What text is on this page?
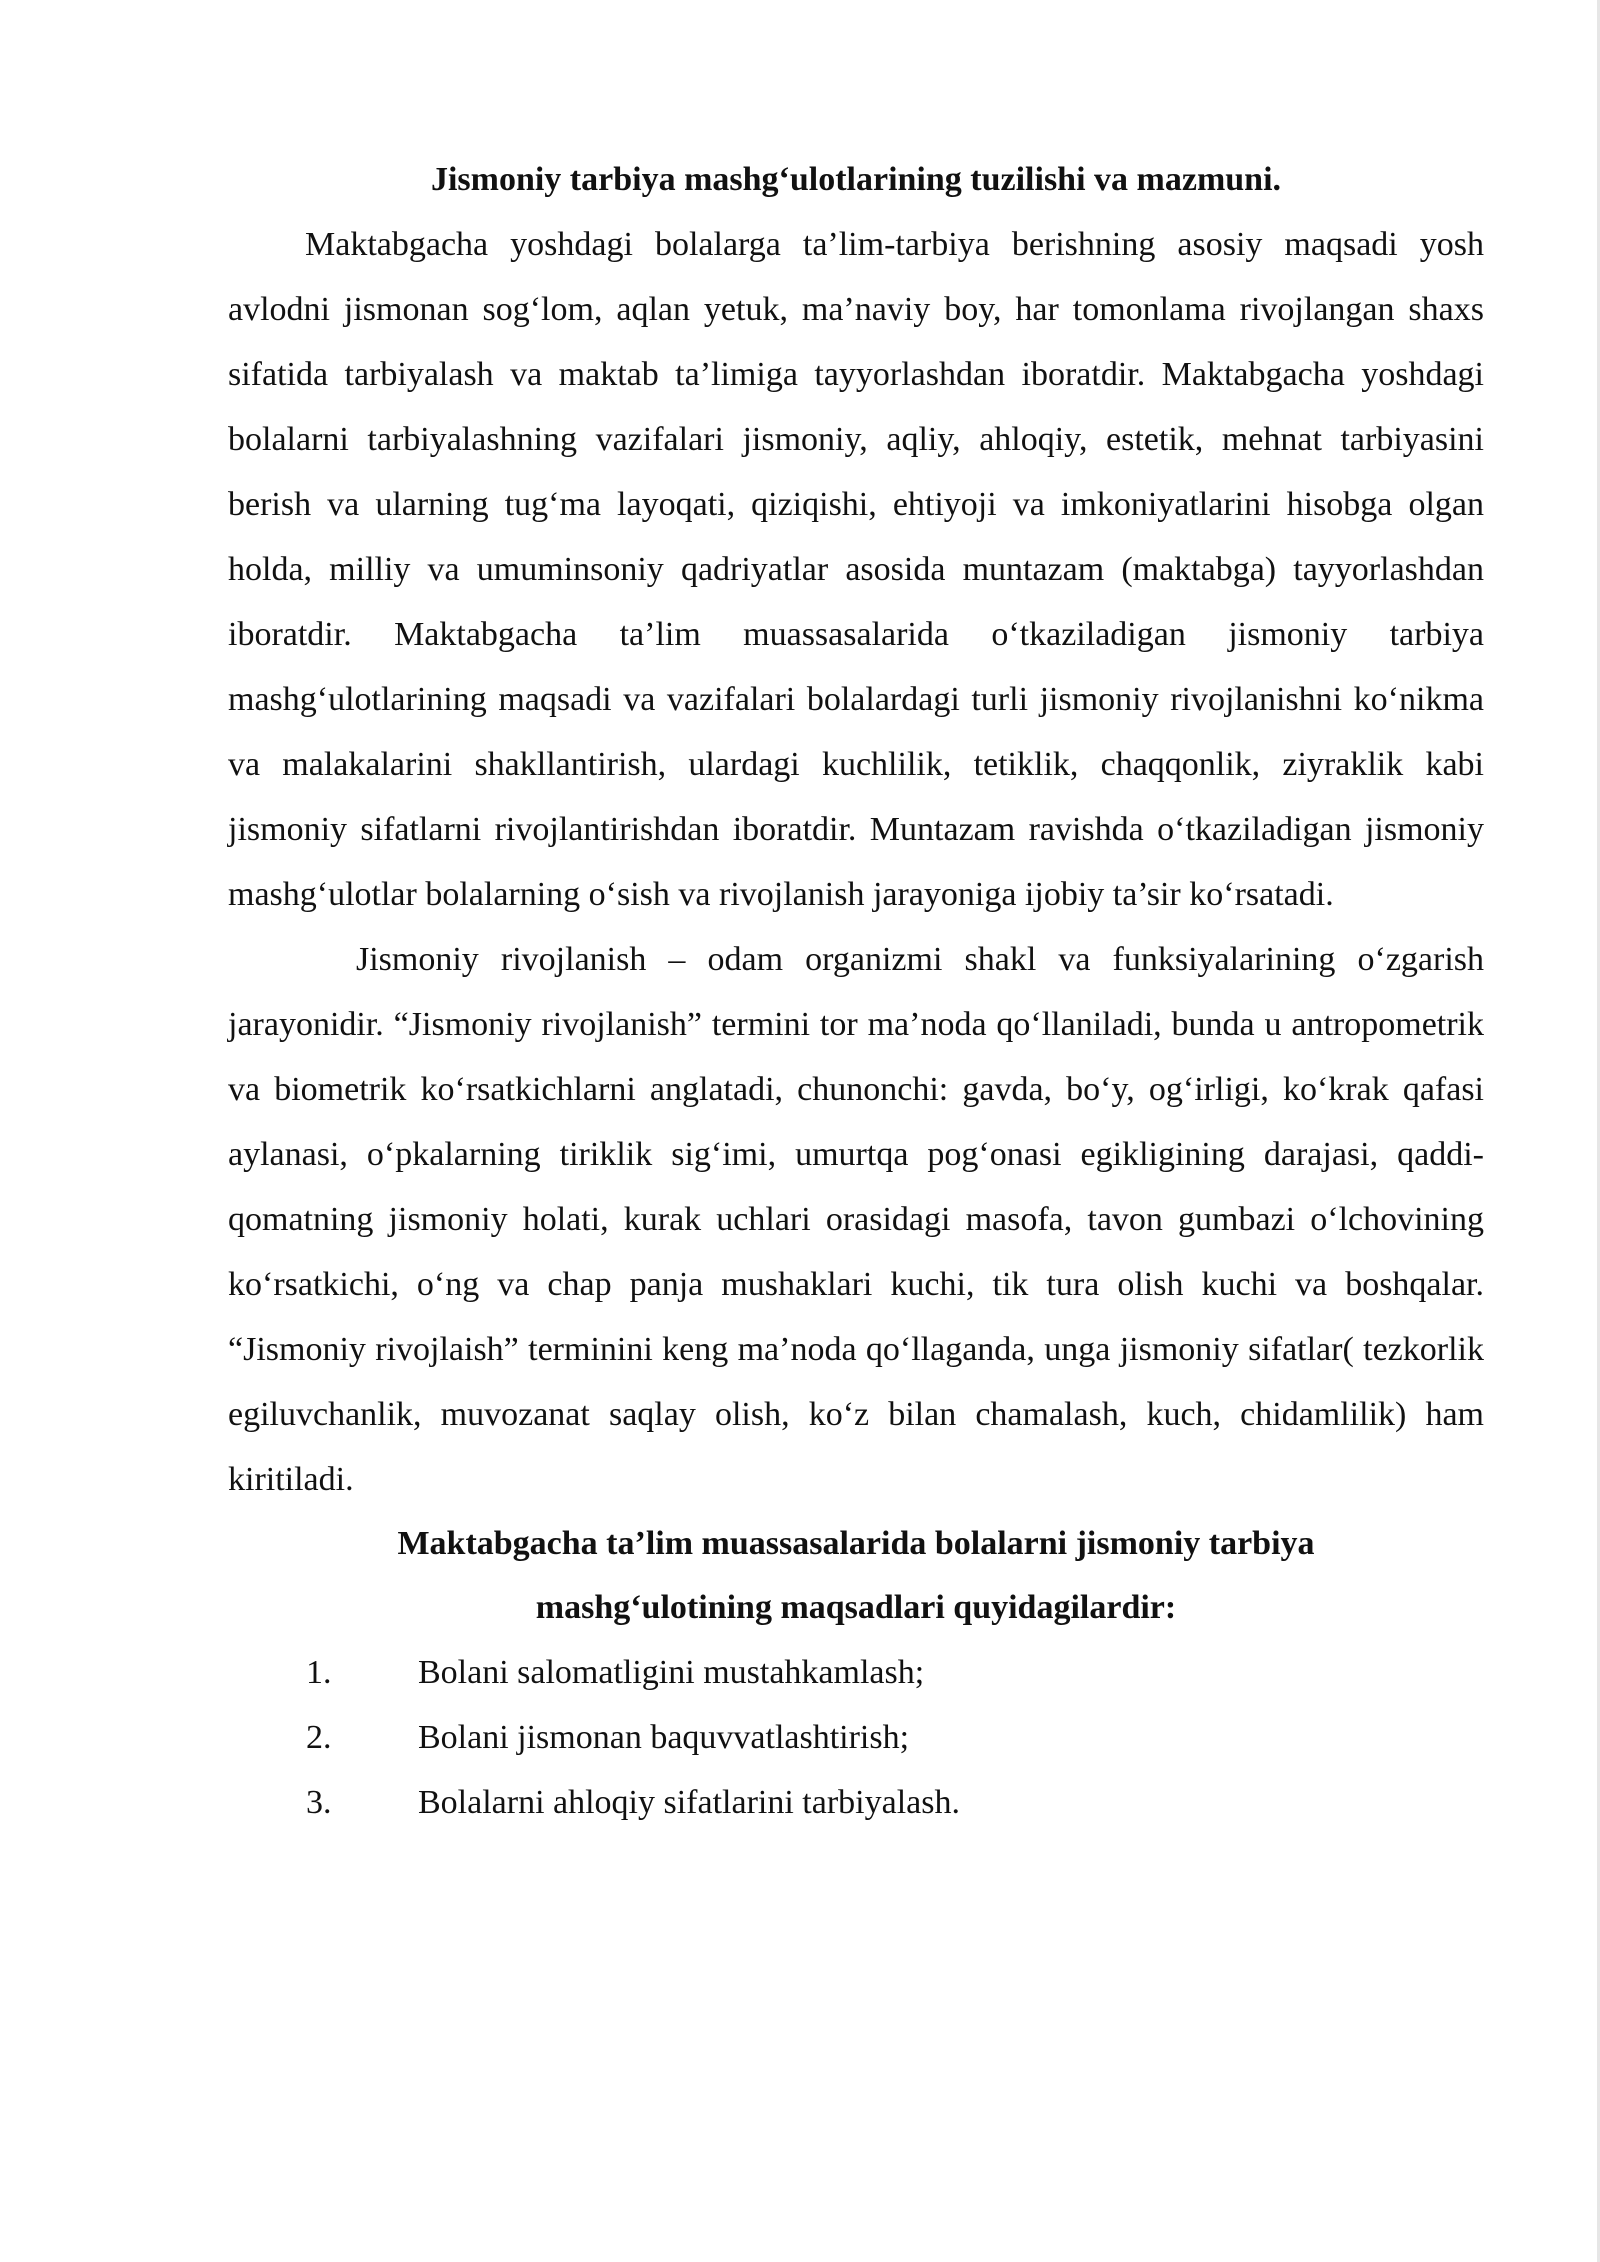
Jismoniy tarbiya mashg‘ulotlarining tuzilishi va mazmuni.

Maktabgacha yoshdagi bolalarga ta’lim-tarbiya berishning asosiy maqsadi yosh avlodni jismonan sog‘lom, aqlan yetuk, ma’naviy boy, har tomonlama rivojlangan shaxs sifatida tarbiyalash va maktab ta’limiga tayyorlashdan iboratdir. Maktabgacha yoshdagi bolalarni tarbiyalashning vazifalari jismoniy, aqliy, ahloqiy, estetik, mehnat tarbiyasini berish va ularning tug‘ma layoqati, qiziqishi, ehtiyoji va imkoniyatlarini hisobga olgan holda, milliy va umuminsoniy qadriyatlar asosida muntazam (maktabga) tayyorlashdan iboratdir. Maktabgacha ta’lim muassasalarida o‘tkaziladigan jismoniy tarbiya mashg‘ulotlarining maqsadi va vazifalari bolalardagi turli jismoniy rivojlanishni ko‘nikma va malakalarini shakllantirish, ulardagi kuchlilik, tetiklik, chaqqonlik, ziyraklik kabi jismoniy sifatlarni rivojlantirishdan iboratdir. Muntazam ravishda o‘tkaziladigan jismoniy mashg‘ulotlar bolalarning o‘sish va rivojlanish jarayoniga ijobiy ta’sir ko‘rsatadi.

Jismoniy rivojlanish – odam organizmi shakl va funksiyalarining o‘zgarish jarayonidir. “Jismoniy rivojlanish” termini tor ma’noda qo‘llaniladi, bunda u antropometrik va biometrik ko‘rsatkichlarni anglatadi, chunonchi: gavda, bo‘y, og‘irligi, ko‘krak qafasi aylanasi, o‘pkalarning tiriklik sig‘imi, umurtqa pog‘onasi egikligining darajasi, qaddi-qomatning jismoniy holati, kurak uchlari orasidagi masofa, tavon gumbazi o‘lchovining ko‘rsatkichi, o‘ng va chap panja mushaklari kuchi, tik tura olish kuchi va boshqalar. “Jismoniy rivojlaish” terminini keng ma’noda qo‘llaganda, unga jismoniy sifatlar( tezkorlik egiluvchanlik, muvozanat saqlay olish, ko‘z bilan chamalash, kuch, chidamlilik) ham kiritiladi.

Maktabgacha ta’lim muassasalarida bolalarni jismoniy tarbiya

mashg‘ulotining maqsadlari quyidagilardir:

1.	Bolani salomatligini mustahkamlash;
2.	Bolani jismonan baquvvatlashtirish;
3.	Bolalarni ahloqiy sifatlarini tarbiyalash.
